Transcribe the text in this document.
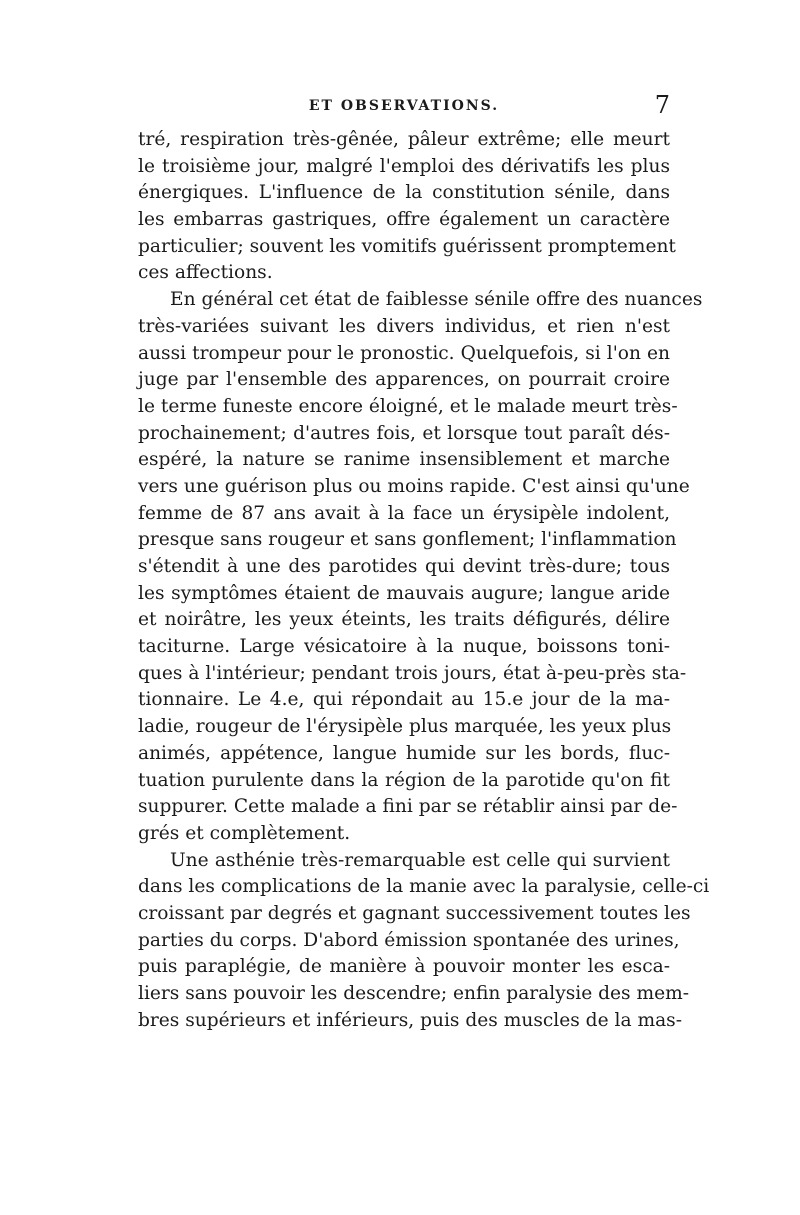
ET OBSERVATIONS.	7
tré, respiration très-gênée, pâleur extrême; elle meurt
le troisième jour, malgré l'emploi des dérivatifs les plus
énergiques. L'influence de la constitution sénile, dans
les embarras gastriques, offre également un caractère
particulier; souvent les vomitifs guérissent promptement
ces affections.
En général cet état de faiblesse sénile offre des nuances
très-variées suivant les divers individus, et rien n'est
aussi trompeur pour le pronostic. Quelquefois, si l'on en
juge par l'ensemble des apparences, on pourrait croire
le terme funeste encore éloigné, et le malade meurt très-
prochainement; d'autres fois, et lorsque tout paraît dés-
espéré, la nature se ranime insensiblement et marche
vers une guérison plus ou moins rapide. C'est ainsi qu'une
femme de 87 ans avait à la face un érysipèle indolent,
presque sans rougeur et sans gonflement; l'inflammation
s'étendit à une des parotides qui devint très-dure; tous
les symptômes étaient de mauvais augure; langue aride
et noirâtre, les yeux éteints, les traits défigurés, délire
taciturne. Large vésicatoire à la nuque, boissons toni-
ques à l'intérieur; pendant trois jours, état à-peu-près sta-
tionnaire. Le 4.e, qui répondait au 15.e jour de la ma-
ladie, rougeur de l'érysipèle plus marquée, les yeux plus
animés, appétence, langue humide sur les bords, fluc-
tuation purulente dans la région de la parotide qu'on fit
suppurer. Cette malade a fini par se rétablir ainsi par de-
grés et complètement.
Une asthénie très-remarquable est celle qui survient
dans les complications de la manie avec la paralysie, celle-ci
croissant par degrés et gagnant successivement toutes les
parties du corps. D'abord émission spontanée des urines,
puis paraplégie, de manière à pouvoir monter les esca-
liers sans pouvoir les descendre; enfin paralysie des mem-
bres supérieurs et inférieurs, puis des muscles de la mas-
